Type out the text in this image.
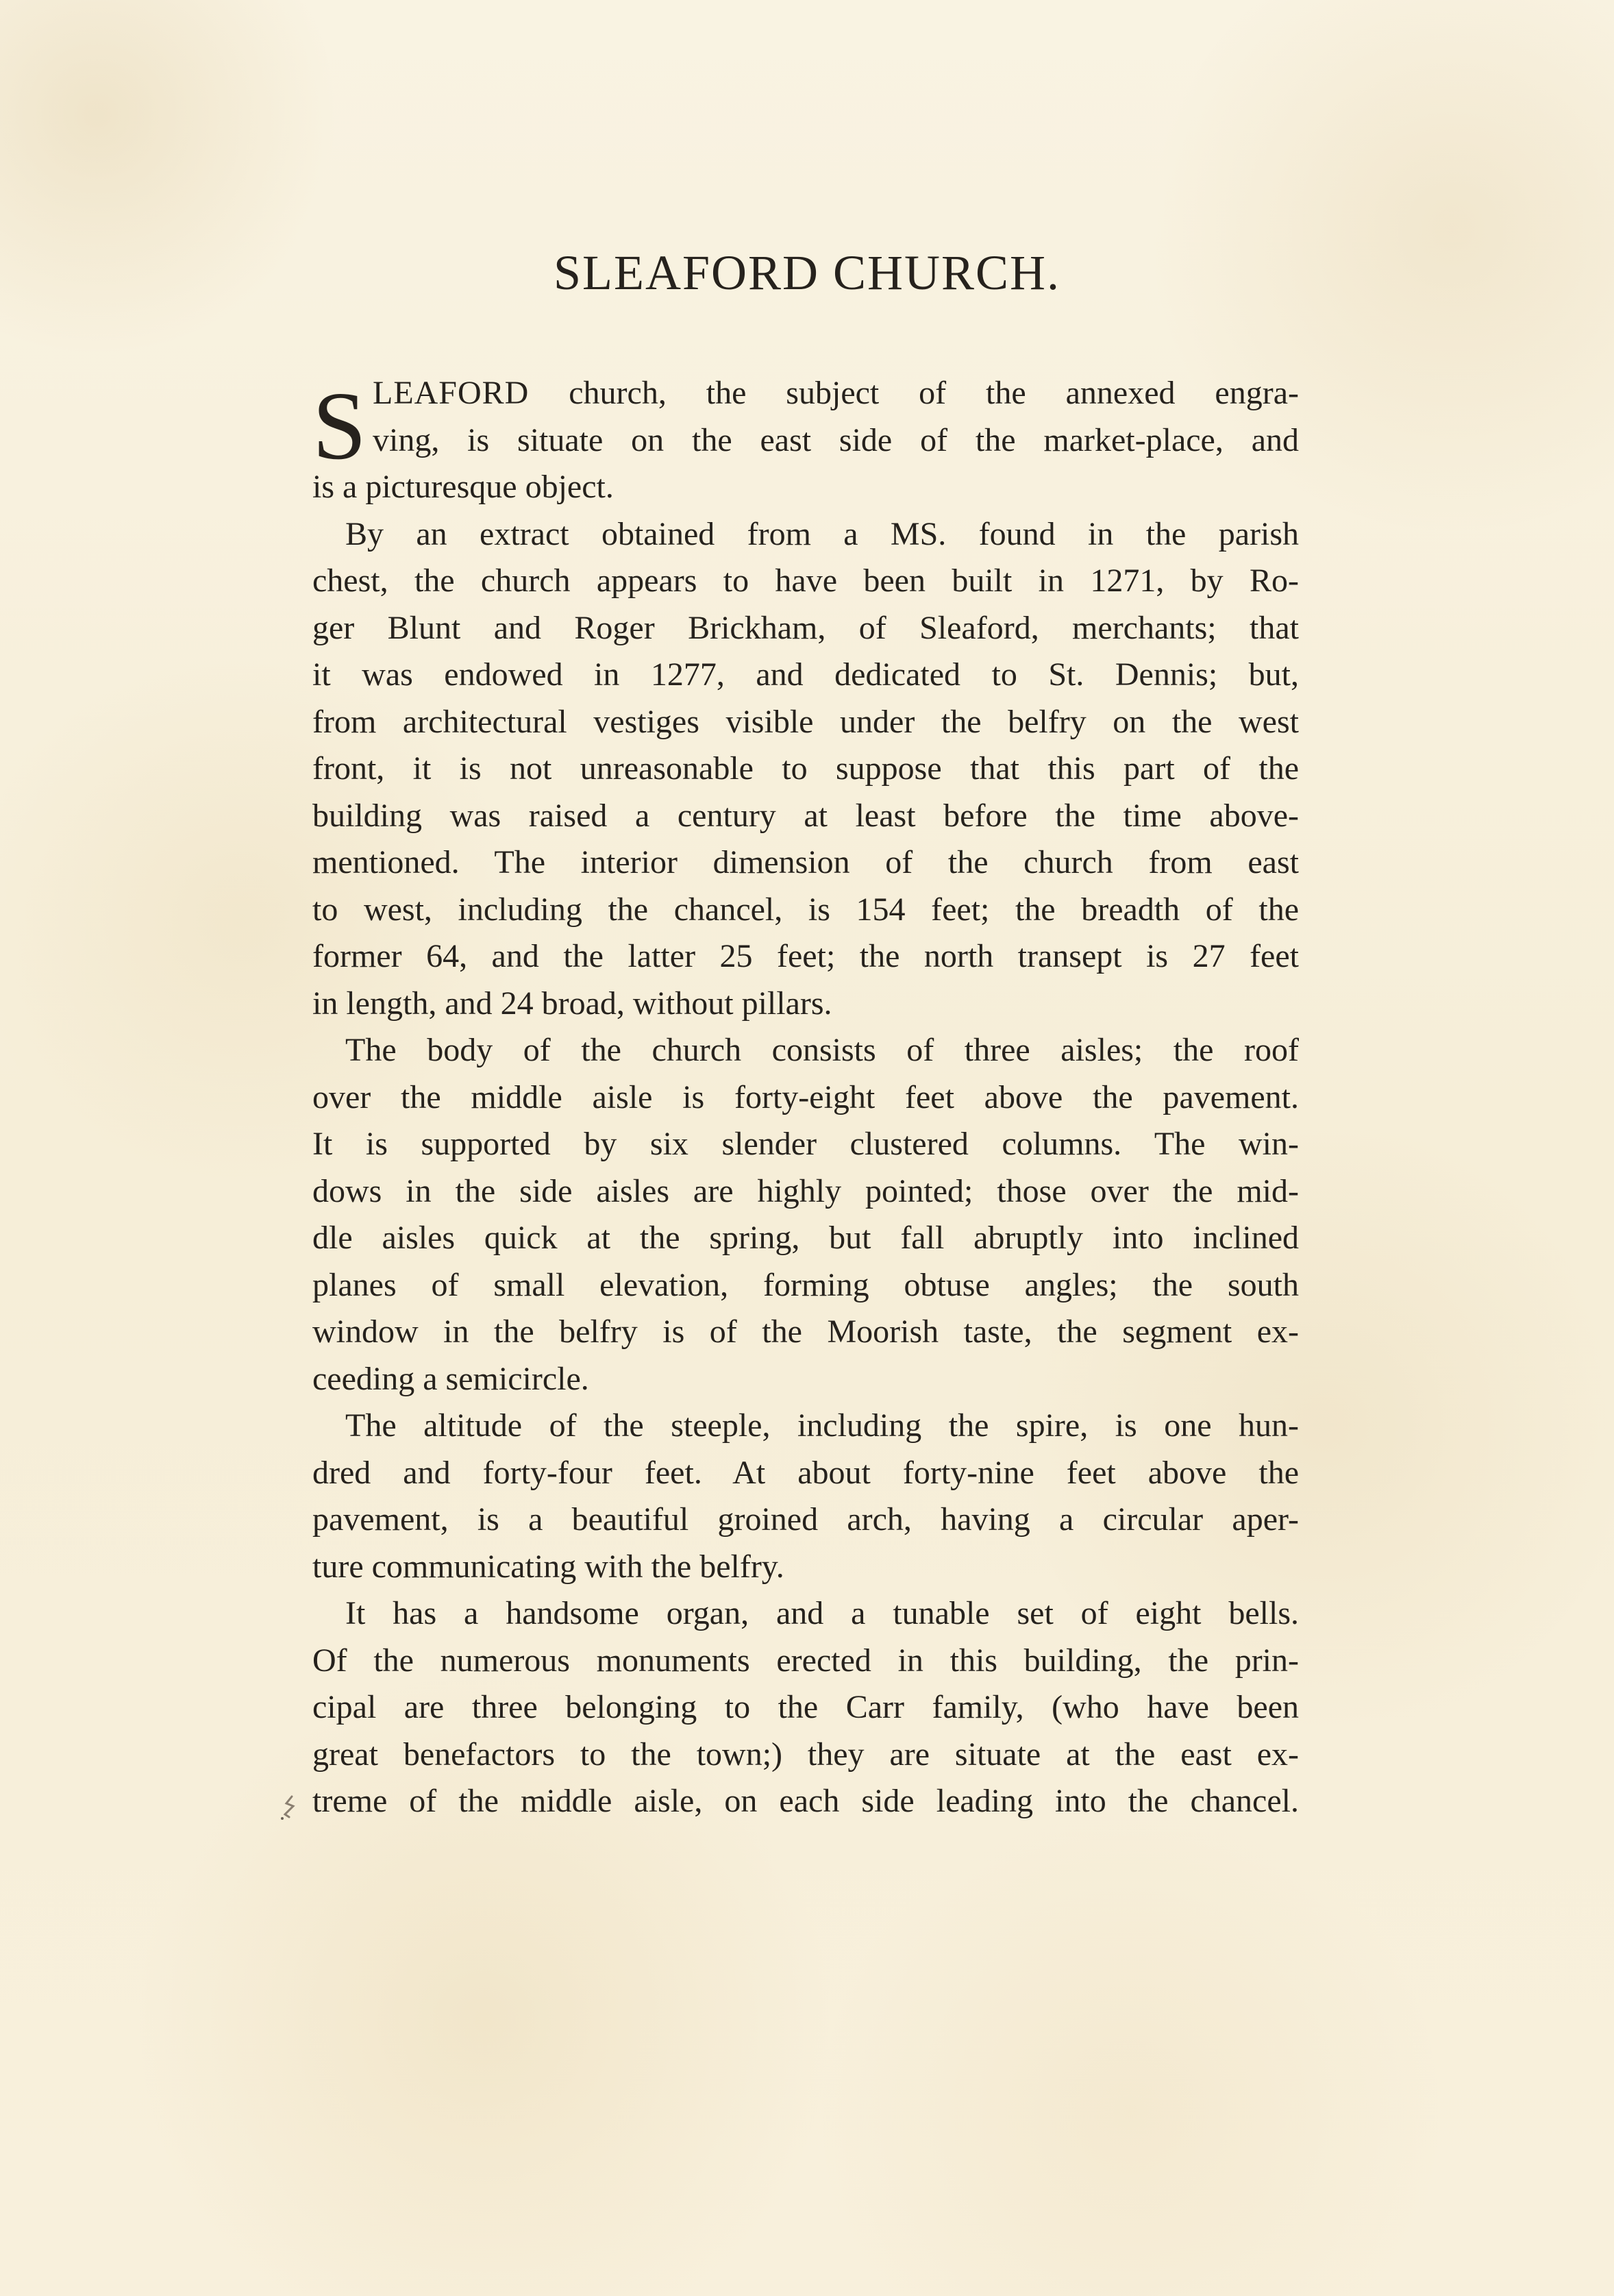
SLEAFORD CHURCH.
S LEAFORD church, the subject of the annexed engra-
ving, is situate on the east side of the market-place, and
is a picturesque object.
By an extract obtained from a MS. found in the parish
chest, the church appears to have been built in 1271, by Ro-
ger Blunt and Roger Brickham, of Sleaford, merchants; that
it was endowed in 1277, and dedicated to St. Dennis; but,
from architectural vestiges visible under the belfry on the west
front, it is not unreasonable to suppose that this part of the
building was raised a century at least before the time above-
mentioned. The interior dimension of the church from east
to west, including the chancel, is 154 feet; the breadth of the
former 64, and the latter 25 feet; the north transept is 27 feet
in length, and 24 broad, without pillars.
The body of the church consists of three aisles; the roof
over the middle aisle is forty-eight feet above the pavement.
It is supported by six slender clustered columns. The win-
dows in the side aisles are highly pointed; those over the mid-
dle aisles quick at the spring, but fall abruptly into inclined
planes of small elevation, forming obtuse angles; the south
window in the belfry is of the Moorish taste, the segment ex-
ceeding a semicircle.
The altitude of the steeple, including the spire, is one hun-
dred and forty-four feet. At about forty-nine feet above the
pavement, is a beautiful groined arch, having a circular aper-
ture communicating with the belfry.
It has a handsome organ, and a tunable set of eight bells.
Of the numerous monuments erected in this building, the prin-
cipal are three belonging to the Carr family, (who have been
great benefactors to the town;) they are situate at the east ex-
treme of the middle aisle, on each side leading into the chancel.
